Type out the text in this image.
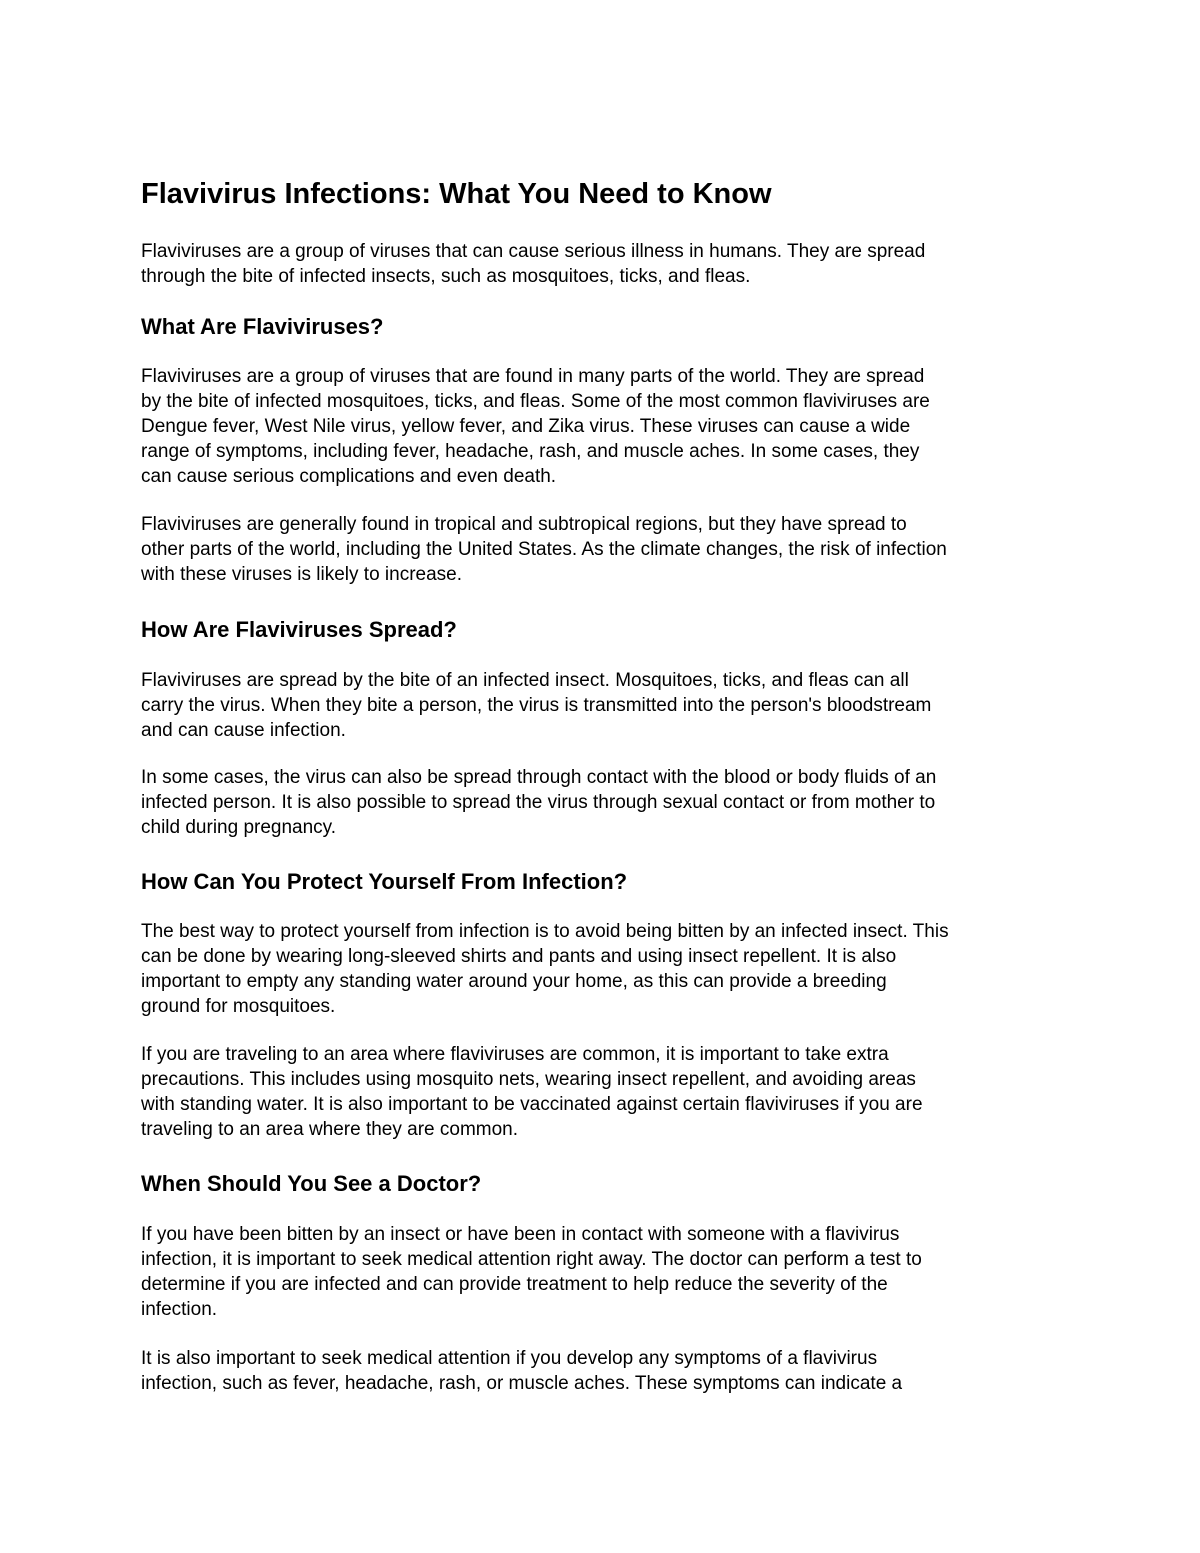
Flavivirus Infections: What You Need to Know

Flaviviruses are a group of viruses that can cause serious illness in humans. They are spread
through the bite of infected insects, such as mosquitoes, ticks, and fleas.

What Are Flaviviruses?

Flaviviruses are a group of viruses that are found in many parts of the world. They are spread
by the bite of infected mosquitoes, ticks, and fleas. Some of the most common flaviviruses are
Dengue fever, West Nile virus, yellow fever, and Zika virus. These viruses can cause a wide
range of symptoms, including fever, headache, rash, and muscle aches. In some cases, they
can cause serious complications and even death.

Flaviviruses are generally found in tropical and subtropical regions, but they have spread to
other parts of the world, including the United States. As the climate changes, the risk of infection
with these viruses is likely to increase.

How Are Flaviviruses Spread?

Flaviviruses are spread by the bite of an infected insect. Mosquitoes, ticks, and fleas can all
carry the virus. When they bite a person, the virus is transmitted into the person's bloodstream
and can cause infection.

In some cases, the virus can also be spread through contact with the blood or body fluids of an
infected person. It is also possible to spread the virus through sexual contact or from mother to
child during pregnancy.

How Can You Protect Yourself From Infection?

The best way to protect yourself from infection is to avoid being bitten by an infected insect. This
can be done by wearing long-sleeved shirts and pants and using insect repellent. It is also
important to empty any standing water around your home, as this can provide a breeding
ground for mosquitoes.

If you are traveling to an area where flaviviruses are common, it is important to take extra
precautions. This includes using mosquito nets, wearing insect repellent, and avoiding areas
with standing water. It is also important to be vaccinated against certain flaviviruses if you are
traveling to an area where they are common.

When Should You See a Doctor?

If you have been bitten by an insect or have been in contact with someone with a flavivirus
infection, it is important to seek medical attention right away. The doctor can perform a test to
determine if you are infected and can provide treatment to help reduce the severity of the
infection.

It is also important to seek medical attention if you develop any symptoms of a flavivirus
infection, such as fever, headache, rash, or muscle aches. These symptoms can indicate a
